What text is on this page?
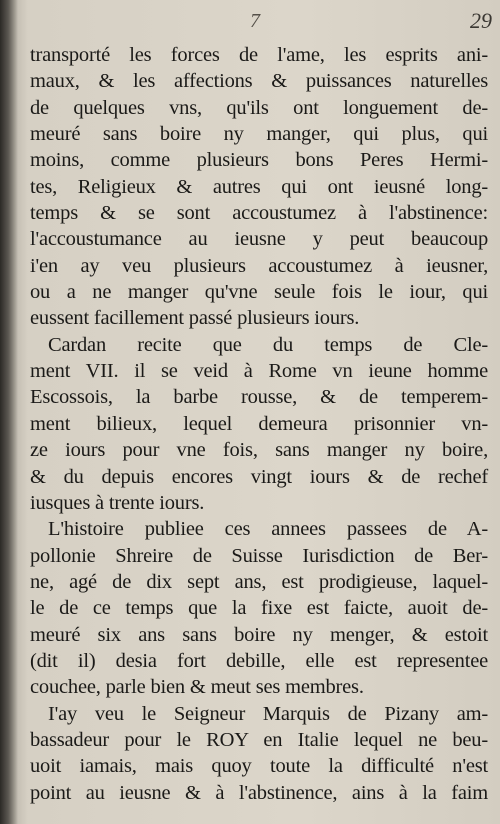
7	29
transporté les forces de l'ame, les esprits ani-
maux, & les affections & puissances naturelles
de quelques vns, qu'ils ont longuement de-
meuré sans boire ny manger, qui plus, qui
moins, comme plusieurs bons Peres Hermi-
tes, Religieux & autres qui ont ieusné long-
temps & se sont accoustumez à l'abstinence:
l'accoustumance au ieusne y peut beaucoup
i'en ay veu plusieurs accoustumez à ieusner,
ou a ne manger qu'vne seule fois le iour, qui
eussent facillement passé plusieurs iours.
Cardan recite que du temps de Cle-
ment VII. il se veid à Rome vn ieune homme
Escossois, la barbe rousse, & de temperem-
ment bilieux, lequel demeura prisonnier vn-
ze iours pour vne fois, sans manger ny boire,
& du depuis encores vingt iours & de rechef
iusques à trente iours.
L'histoire publiee ces annees passees de A-
pollonie Shreire de Suisse Iurisdiction de Ber-
ne, agé de dix sept ans, est prodigieuse, laquel-
le de ce temps que la fixe est faicte, auoit de-
meuré six ans sans boire ny menger, & estoit
(dit il) desia fort debille, elle est representee
couchee, parle bien & meut ses membres.
I'ay veu le Seigneur Marquis de Pizany am-
bassadeur pour le ROY en Italie lequel ne beu-
uoit iamais, mais quoy toute la difficulté n'est
point au ieusne & à l'abstinence, ains à la faim
